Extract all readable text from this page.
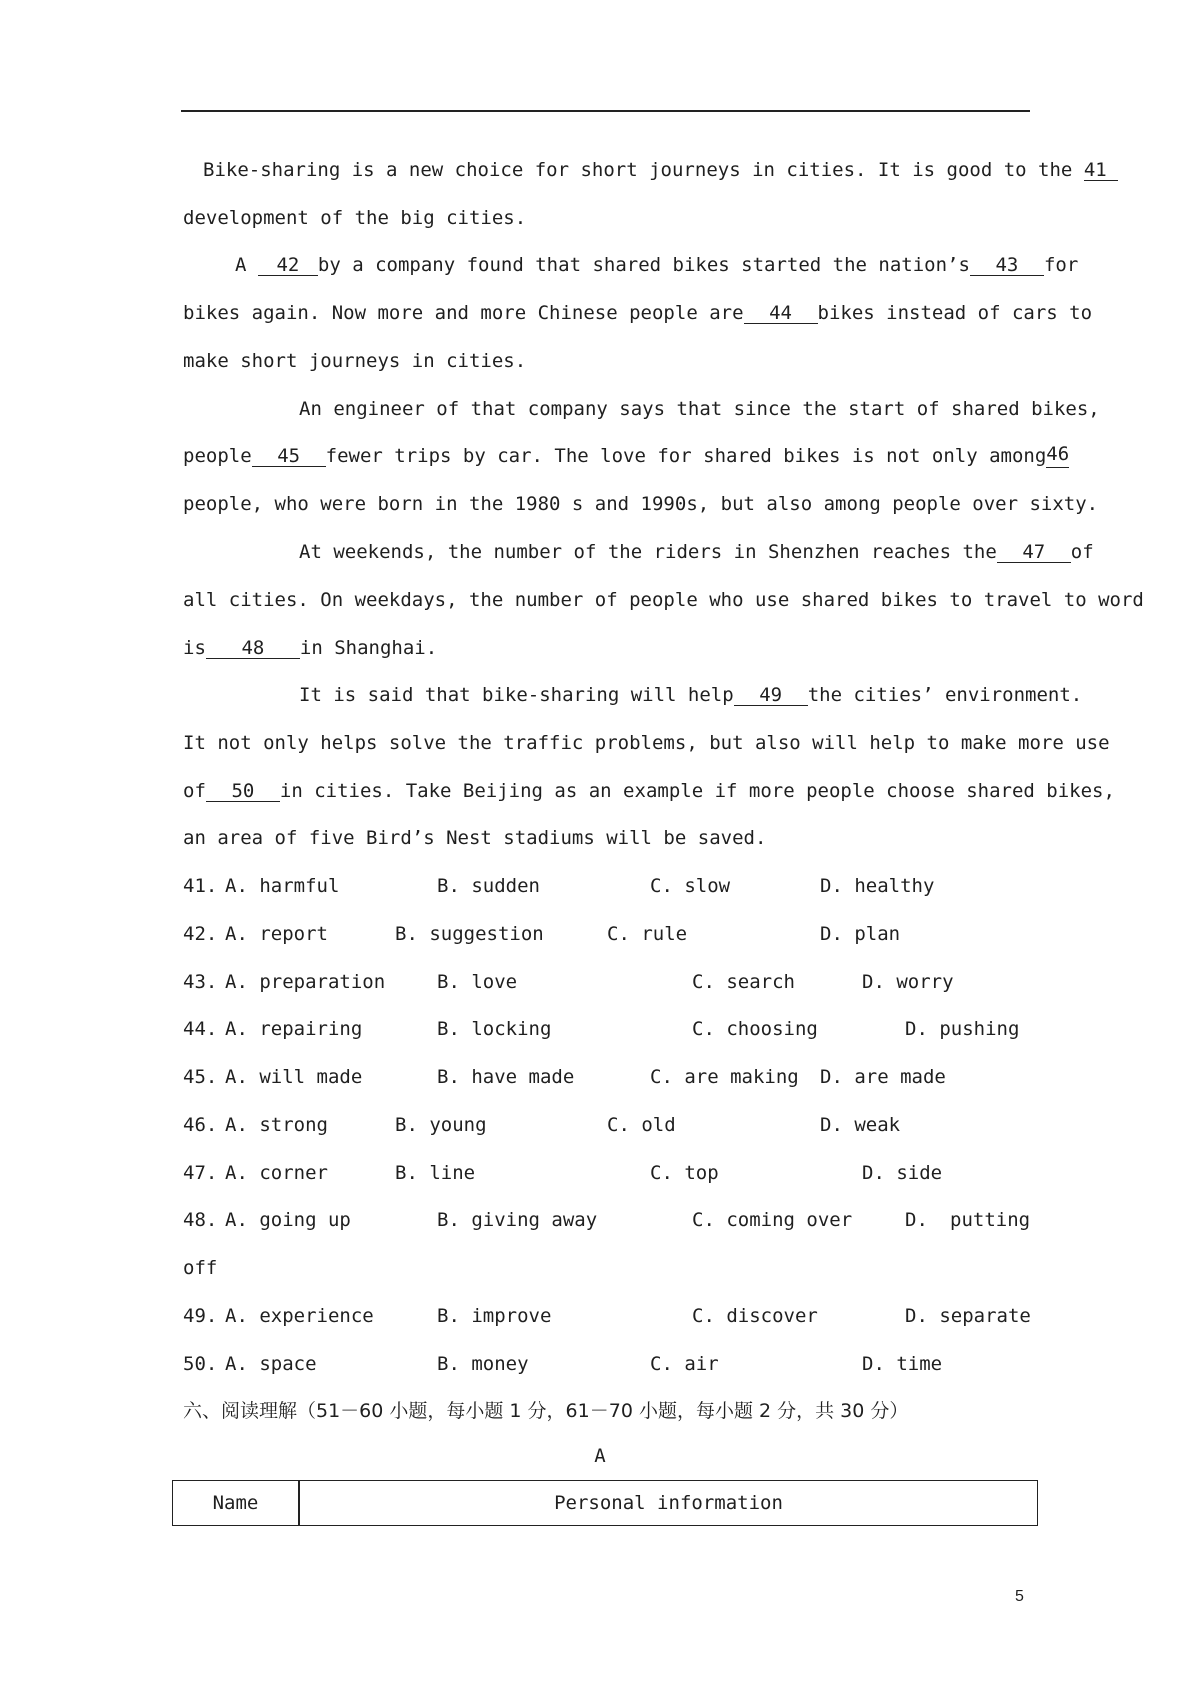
Bike-sharing is a new choice for short journeys in cities. It is good to the 41
development of the big cities.
A 42 by a company found that shared bikes started the nation’s	43 for
bikes again. Now more and more Chinese people are	44 bikes instead of cars to
make short journeys in cities.
An engineer of that company says that since the start of shared bikes,
people 45	fewer trips by car. The love for shared bikes is not only among 46
people, who were born in the 1980 s and 1990s, but also among people over sixty.
At weekends, the number of the riders in Shenzhen reaches the	47 of
all cities. On weekdays, the number of people who use shared bikes to travel to word
is 48 in Shanghai.
It is said that bike-sharing will help 49 the cities’ environment.
It not only helps solve the traffic problems, but also will help to make more use
of 50	in cities. Take Beijing as an example if more people choose shared bikes,
an area of five Bird’s Nest stadiums will be saved.
41. A. harmful	B. sudden	C. slow	D. healthy
42. A. report	B. suggestion	C. rule	D. plan
43. A. preparation	B. love	C. search	D. worry
44. A. repairing	B. locking	C. choosing	D. pushing
45. A. will made	B. have made	C. are making D. are made
46. A. strong	B. young	C. old	D. weak
47. A. corner	B. line	C. top	D. side
48. A. going up	B. giving away	C. coming over	D. putting
off
49. A. experience	B. improve	C. discover	D. separate
50. A. space	B. money	C. air	D. time
六、阅读理解（51－60 小题，每小题 1 分，61－70 小题，每小题 2 分，共 30 分）
A
Name	Personal information
5
